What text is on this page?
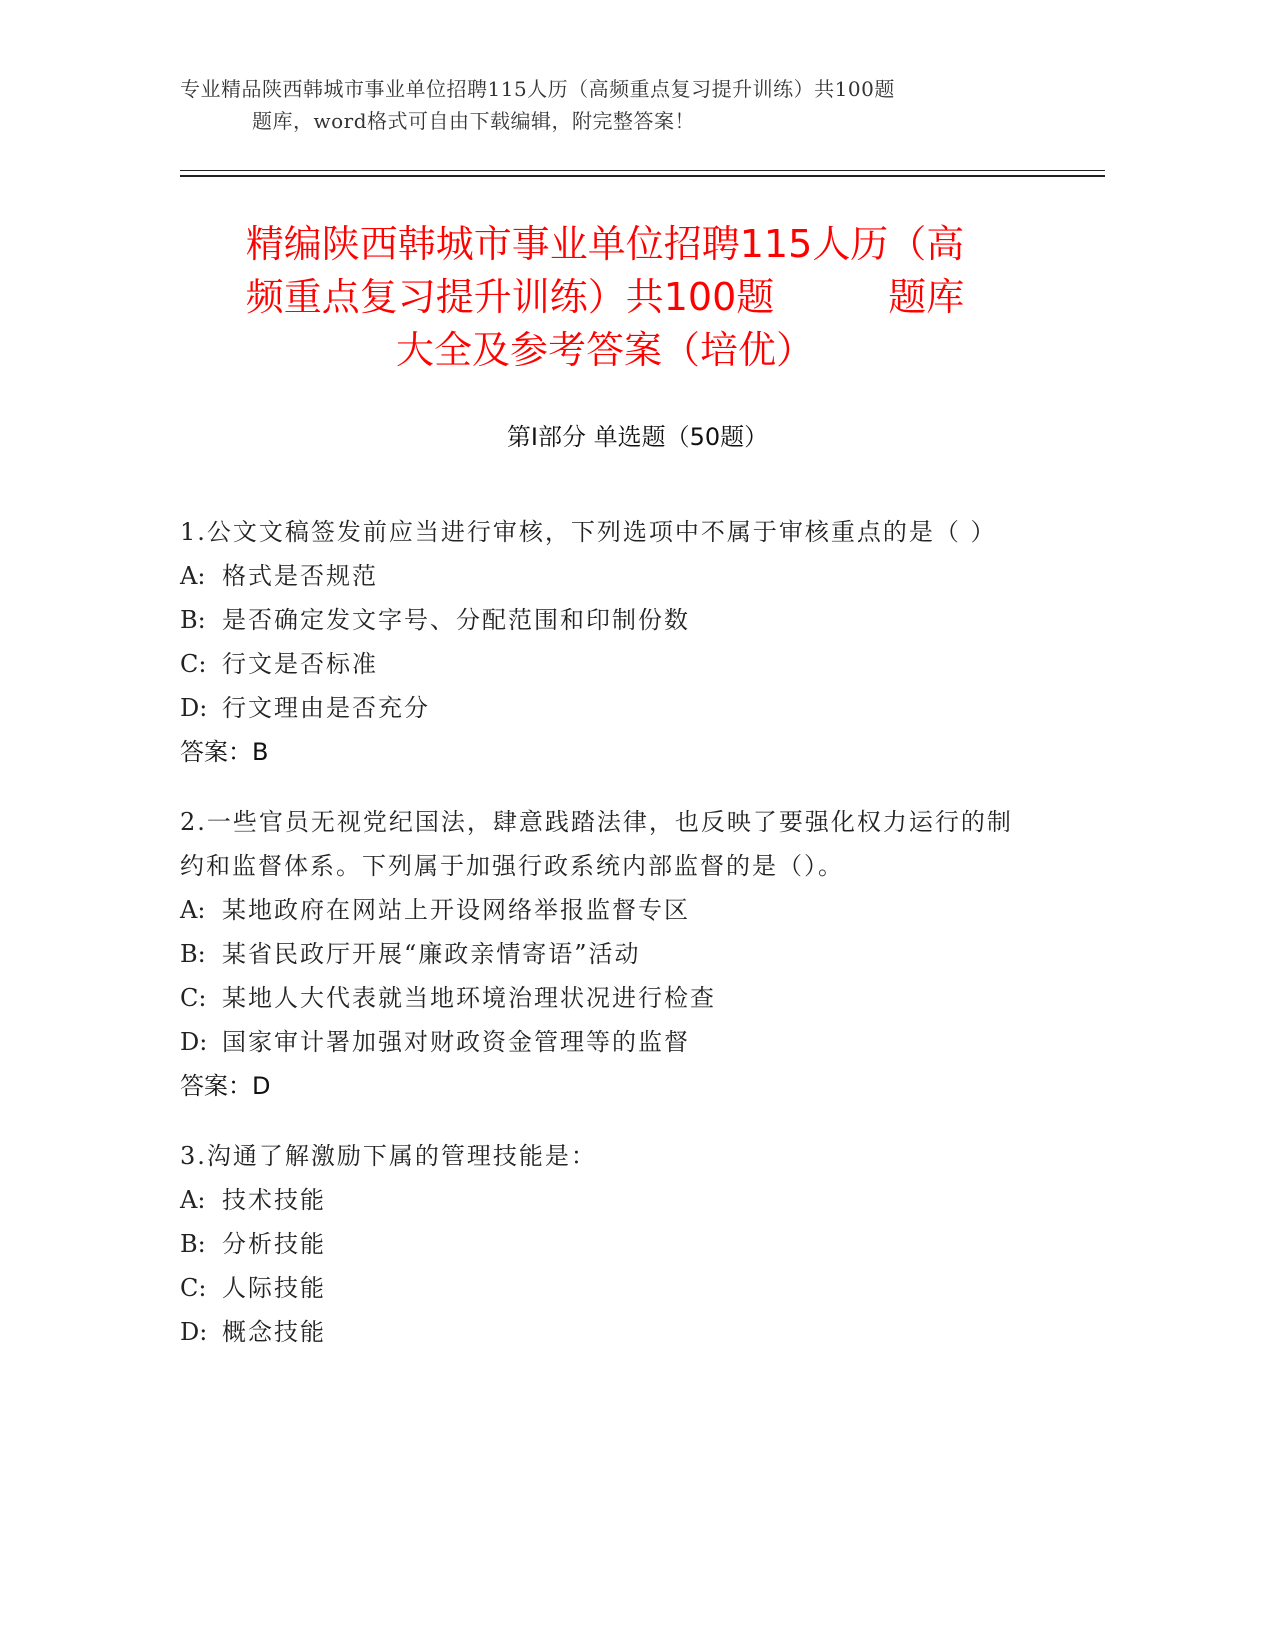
专业精品陕西韩城市事业单位招聘115人历（高频重点复习提升训练）共100题
题库，word格式可自由下载编辑，附完整答案！
精编陕西韩城市事业单位招聘115人历（高
频重点复习提升训练）共100题　　　题库
大全及参考答案（培优）
第Ⅰ部分 单选题（50题）

1.公文文稿签发前应当进行审核，下列选项中不属于审核重点的是（ ）

A: 格式是否规范

B: 是否确定发文字号、分配范围和印制份数

C: 行文是否标准

D: 行文理由是否充分

答案：B

2.一些官员无视党纪国法，肆意践踏法律，也反映了要强化权力运行的制约和监督体系。下列属于加强行政系统内部监督的是（）。

A: 某地政府在网站上开设网络举报监督专区

B: 某省民政厅开展“廉政亲情寄语”活动

C: 某地人大代表就当地环境治理状况进行检查

D: 国家审计署加强对财政资金管理等的监督

答案：D

3.沟通了解激励下属的管理技能是：

A: 技术技能

B: 分析技能

C: 人际技能

D: 概念技能
